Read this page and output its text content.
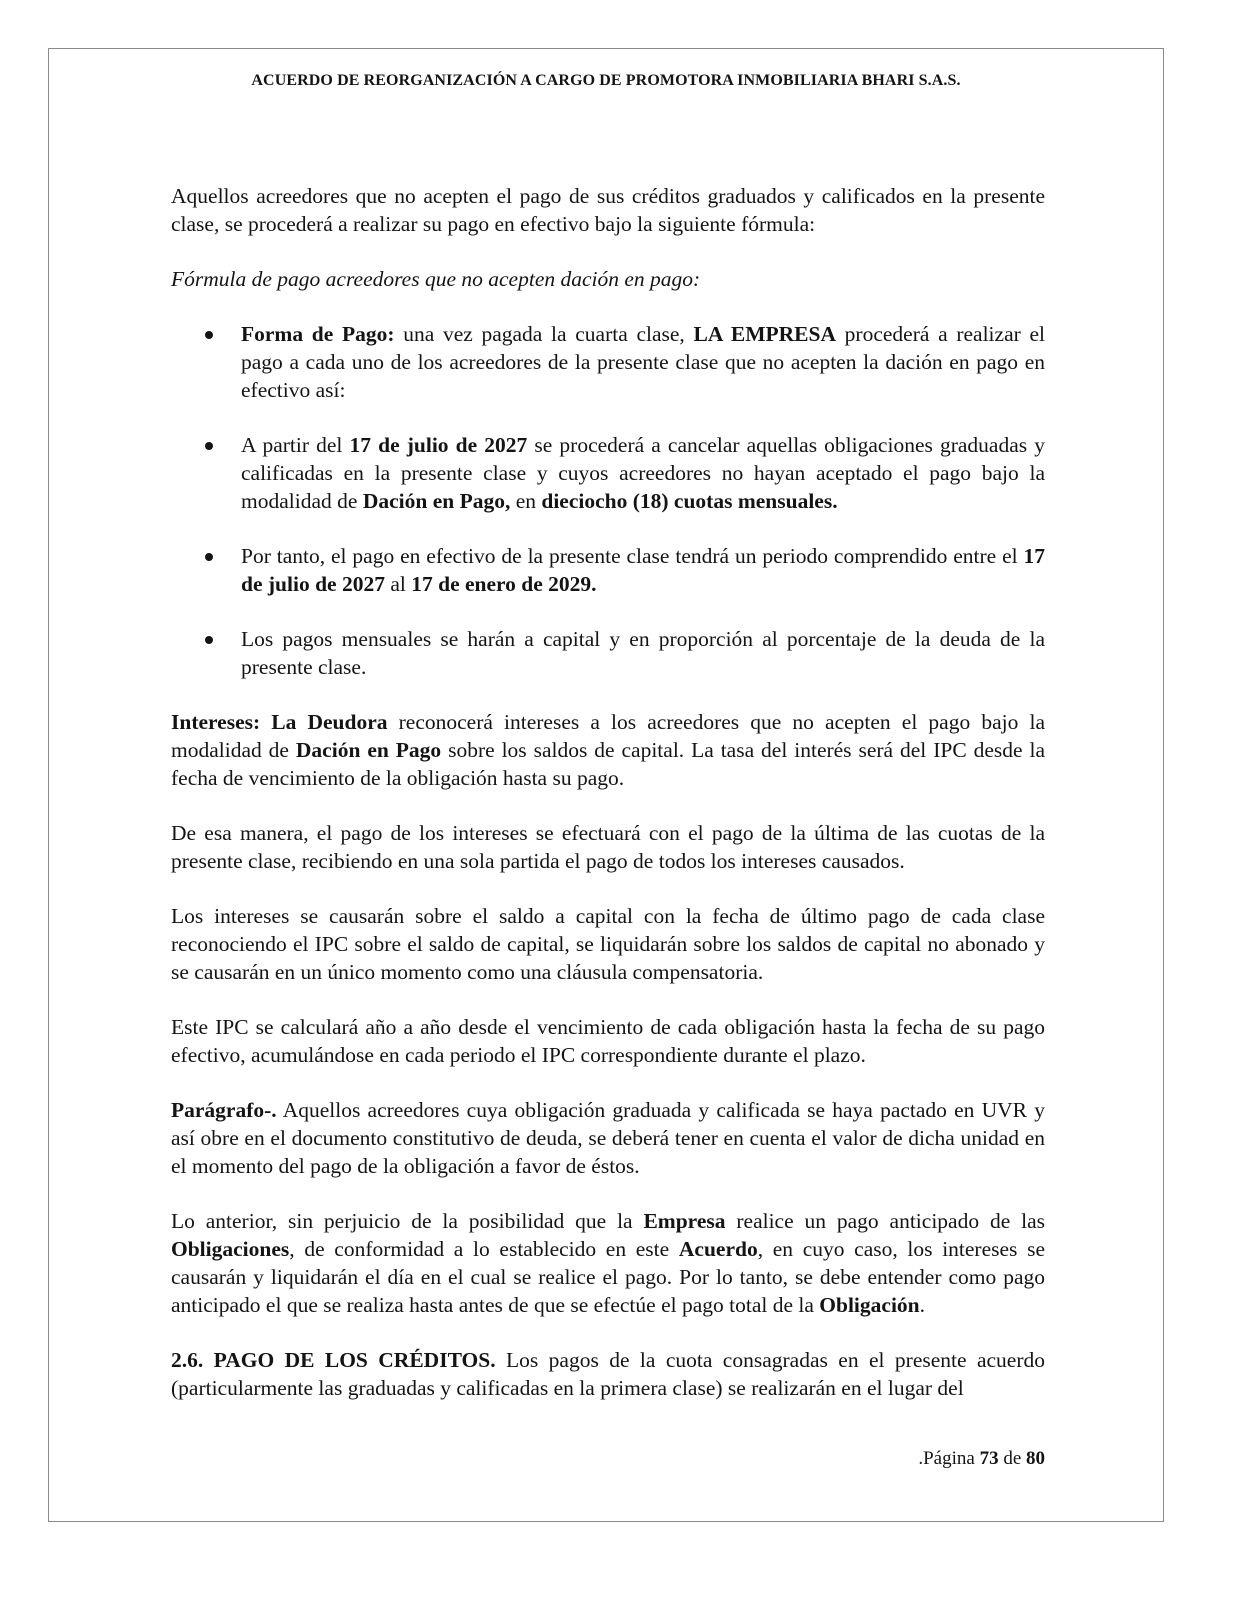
ACUERDO DE REORGANIZACIÓN A CARGO DE PROMOTORA INMOBILIARIA BHARI S.A.S.

Aquellos acreedores que no acepten el pago de sus créditos graduados y calificados en la presente clase, se procederá a realizar su pago en efectivo bajo la siguiente fórmula:

Fórmula de pago acreedores que no acepten dación en pago:

Forma de Pago: una vez pagada la cuarta clase, LA EMPRESA procederá a realizar el pago a cada uno de los acreedores de la presente clase que no acepten la dación en pago en efectivo así:
A partir del 17 de julio de 2027 se procederá a cancelar aquellas obligaciones graduadas y calificadas en la presente clase y cuyos acreedores no hayan aceptado el pago bajo la modalidad de Dación en Pago, en dieciocho (18) cuotas mensuales.
Por tanto, el pago en efectivo de la presente clase tendrá un periodo comprendido entre el 17 de julio de 2027 al 17 de enero de 2029.
Los pagos mensuales se harán a capital y en proporción al porcentaje de la deuda de la presente clase.

Intereses: La Deudora reconocerá intereses a los acreedores que no acepten el pago bajo la modalidad de Dación en Pago sobre los saldos de capital. La tasa del interés será del IPC desde la fecha de vencimiento de la obligación hasta su pago.

De esa manera, el pago de los intereses se efectuará con el pago de la última de las cuotas de la presente clase, recibiendo en una sola partida el pago de todos los intereses causados.

Los intereses se causarán sobre el saldo a capital con la fecha de último pago de cada clase reconociendo el IPC sobre el saldo de capital, se liquidarán sobre los saldos de capital no abonado y se causarán en un único momento como una cláusula compensatoria.

Este IPC se calculará año a año desde el vencimiento de cada obligación hasta la fecha de su pago efectivo, acumulándose en cada periodo el IPC correspondiente durante el plazo.

Parágrafo-. Aquellos acreedores cuya obligación graduada y calificada se haya pactado en UVR y así obre en el documento constitutivo de deuda, se deberá tener en cuenta el valor de dicha unidad en el momento del pago de la obligación a favor de éstos.

Lo anterior, sin perjuicio de la posibilidad que la Empresa realice un pago anticipado de las Obligaciones, de conformidad a lo establecido en este Acuerdo, en cuyo caso, los intereses se causarán y liquidarán el día en el cual se realice el pago. Por lo tanto, se debe entender como pago anticipado el que se realiza hasta antes de que se efectúe el pago total de la Obligación.

2.6. PAGO DE LOS CRÉDITOS. Los pagos de la cuota consagradas en el presente acuerdo (particularmente las graduadas y calificadas en la primera clase) se realizarán en el lugar del

.Página 73 de 80
